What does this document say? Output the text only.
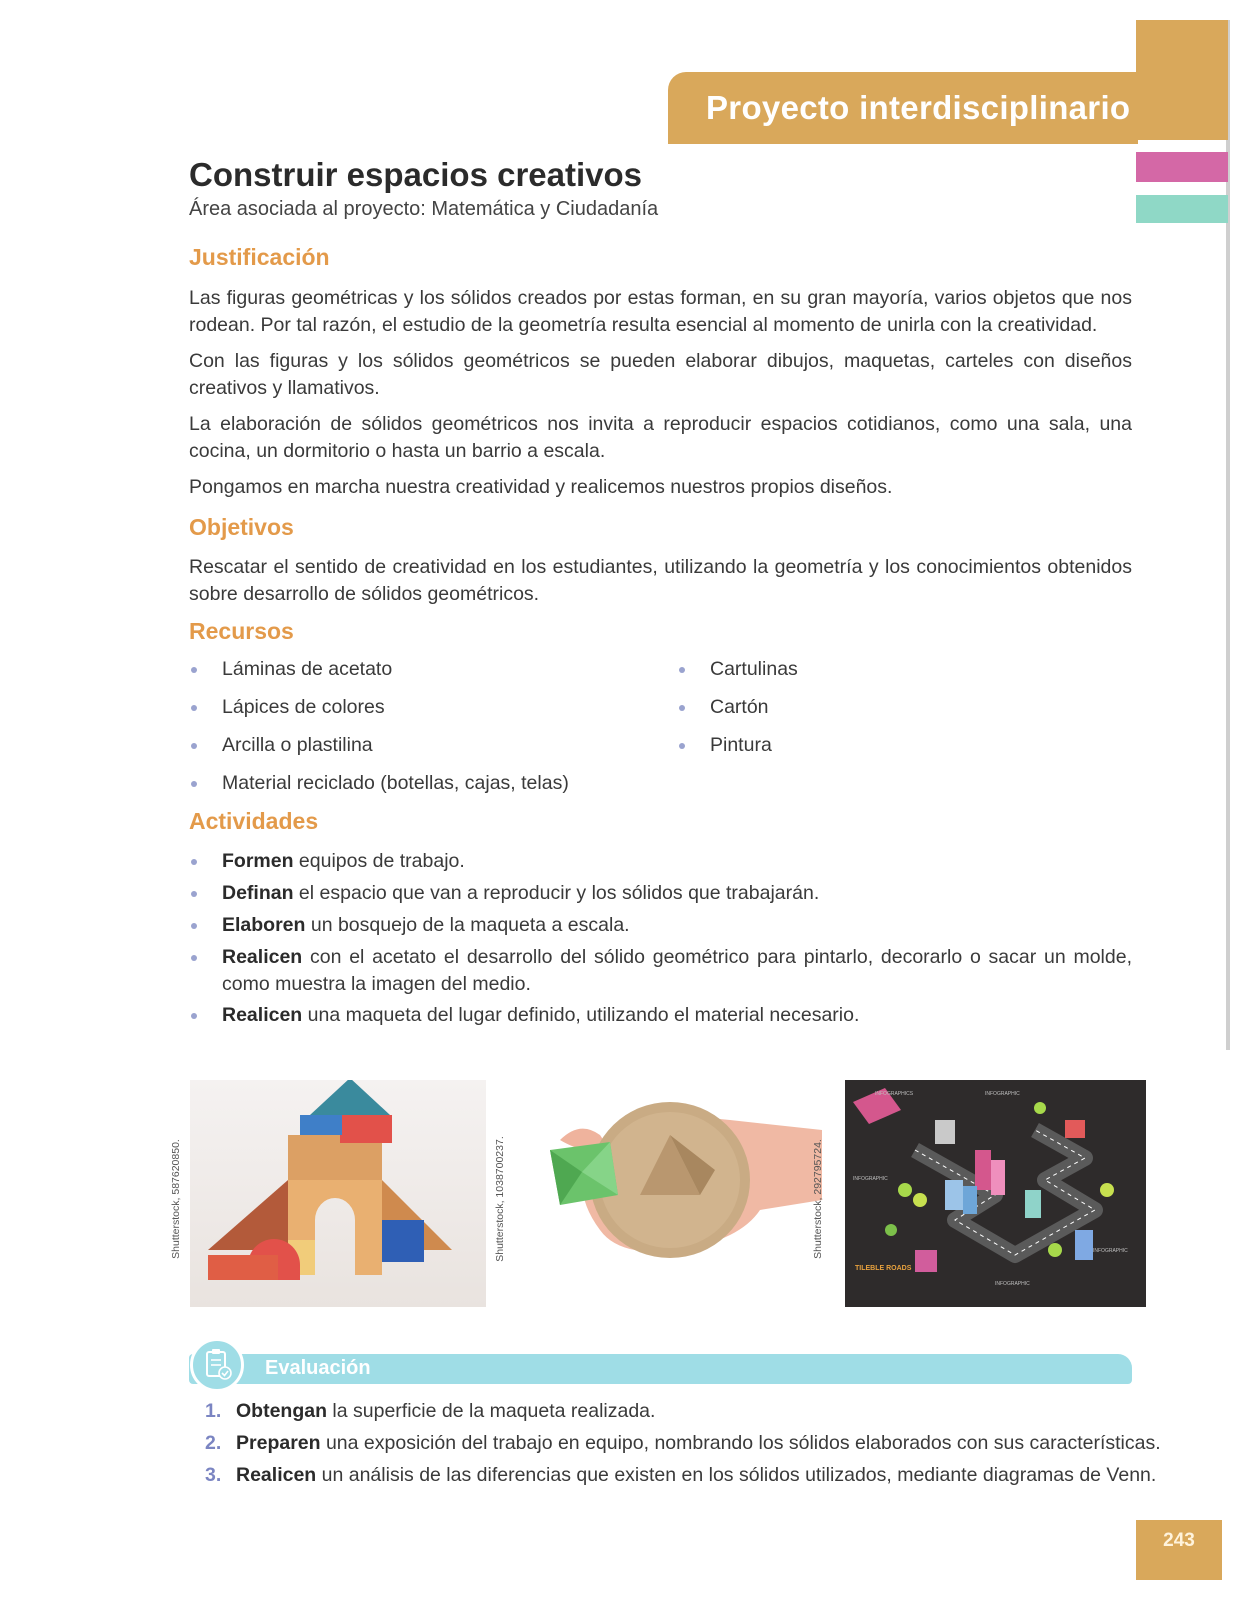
Proyecto interdisciplinario
Construir espacios creativos
Área asociada al proyecto: Matemática y Ciudadanía
Justificación

Las figuras geométricas y los sólidos creados por estas forman, en su gran mayoría, varios objetos que nos rodean. Por tal razón, el estudio de la geometría resulta esencial al momento de unirla con la creatividad.

Con las figuras y los sólidos geométricos se pueden elaborar dibujos, maquetas, carteles con diseños creativos y llamativos.

La elaboración de sólidos geométricos nos invita a reproducir espacios cotidianos, como una sala, una cocina, un dormitorio o hasta un barrio a escala.

Pongamos en marcha nuestra creatividad y realicemos nuestros propios diseños.

Objetivos

Rescatar el sentido de creatividad en los estudiantes, utilizando la geometría y los conocimientos obtenidos sobre desarrollo de sólidos geométricos.

Recursos
Láminas de acetato
Lápices de colores
Arcilla o plastilina
Material reciclado (botellas, cajas, telas)
Cartulinas
Cartón
Pintura
Actividades
Formen equipos de trabajo.
Definan el espacio que van a reproducir y los sólidos que trabajarán.
Elaboren un bosquejo de la maqueta a escala.
Realicen con el acetato el desarrollo del sólido geométrico para pintarlo, decorarlo o sacar un molde, como muestra la imagen del medio.
Realicen una maqueta del lugar definido, utilizando el material necesario.
Shutterstock, 587620850.	Shutterstock, 1038700237.	Shutterstock, 292795724.
INFOGRAPHICS	INFOGRAPHIC
INFOGRAPHIC
TILEBLE ROADS
INFOGRAPHIC
INFOGRAPHIC
Evaluación
1. Obtengan la superficie de la maqueta realizada.
2. Preparen una exposición del trabajo en equipo, nombrando los sólidos elaborados con sus características.
3. Realicen un análisis de las diferencias que existen en los sólidos utilizados, mediante diagramas de Venn.
243
